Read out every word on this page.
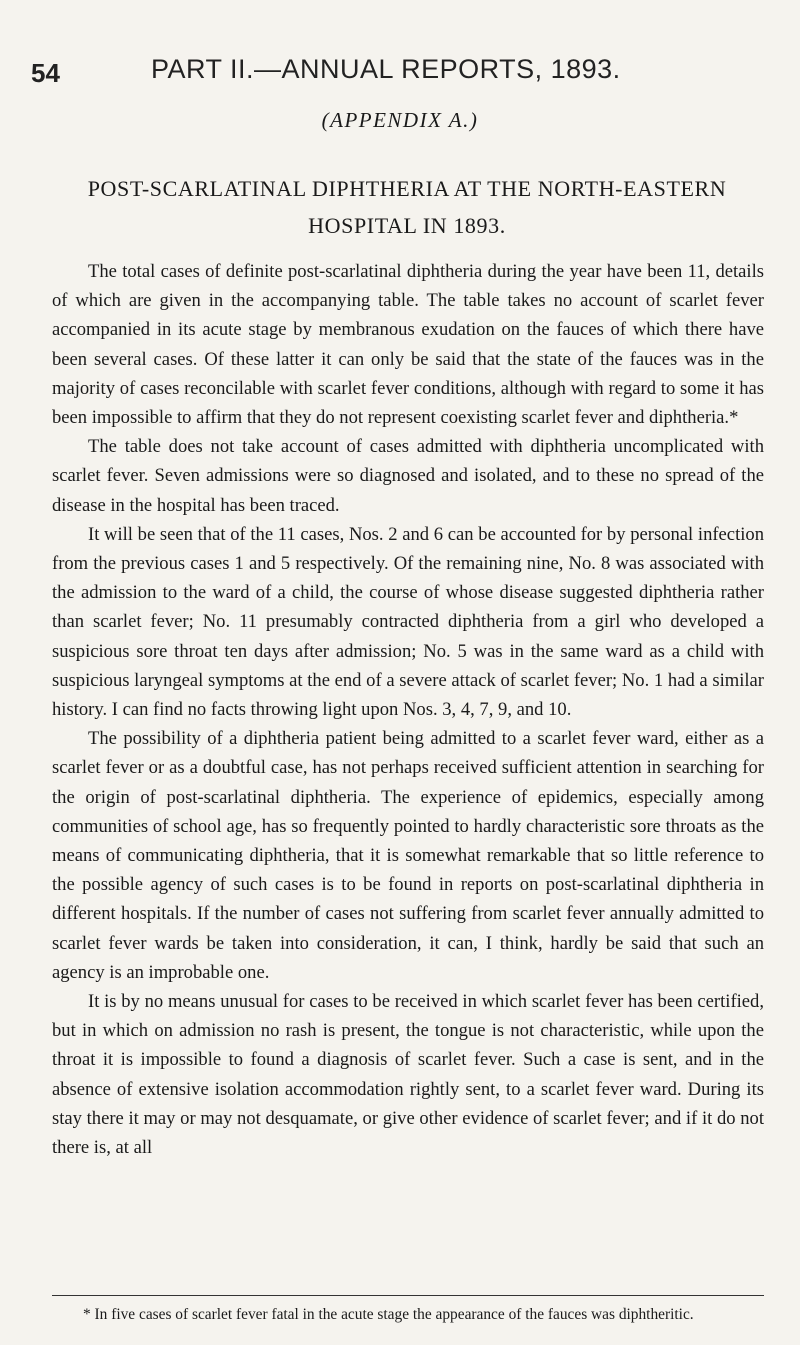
54	PART II.—ANNUAL REPORTS, 1893.
(APPENDIX A.)
POST-SCARLATINAL DIPHTHERIA AT THE NORTH-EASTERN HOSPITAL IN 1893.

The total cases of definite post-scarlatinal diphtheria during the year have been 11, details of which are given in the accompanying table. The table takes no account of scarlet fever accompanied in its acute stage by membranous exudation on the fauces of which there have been several cases. Of these latter it can only be said that the state of the fauces was in the majority of cases reconcilable with scarlet fever conditions, although with regard to some it has been impossible to affirm that they do not represent coexisting scarlet fever and diphtheria.*

The table does not take account of cases admitted with diphtheria uncomplicated with scarlet fever. Seven admissions were so diagnosed and isolated, and to these no spread of the disease in the hospital has been traced.

It will be seen that of the 11 cases, Nos. 2 and 6 can be accounted for by personal infection from the previous cases 1 and 5 respectively. Of the remaining nine, No. 8 was associated with the admission to the ward of a child, the course of whose disease suggested diphtheria rather than scarlet fever; No. 11 presumably contracted diphtheria from a girl who developed a suspicious sore throat ten days after admission; No. 5 was in the same ward as a child with suspicious laryngeal symptoms at the end of a severe attack of scarlet fever; No. 1 had a similar history. I can find no facts throwing light upon Nos. 3, 4, 7, 9, and 10.

The possibility of a diphtheria patient being admitted to a scarlet fever ward, either as a scarlet fever or as a doubtful case, has not perhaps received sufficient attention in searching for the origin of post-scarlatinal diphtheria. The experience of epidemics, especially among communities of school age, has so frequently pointed to hardly characteristic sore throats as the means of communicating diphtheria, that it is somewhat remarkable that so little reference to the possible agency of such cases is to be found in reports on post-scarlatinal diphtheria in different hospitals. If the number of cases not suffering from scarlet fever annually admitted to scarlet fever wards be taken into consideration, it can, I think, hardly be said that such an agency is an improbable one.

It is by no means unusual for cases to be received in which scarlet fever has been certified, but in which on admission no rash is present, the tongue is not characteristic, while upon the throat it is impossible to found a diagnosis of scarlet fever. Such a case is sent, and in the absence of extensive isolation accommodation rightly sent, to a scarlet fever ward. During its stay there it may or may not desquamate, or give other evidence of scarlet fever; and if it do not there is, at all

* In five cases of scarlet fever fatal in the acute stage the appearance of the fauces was diphtheritic.
